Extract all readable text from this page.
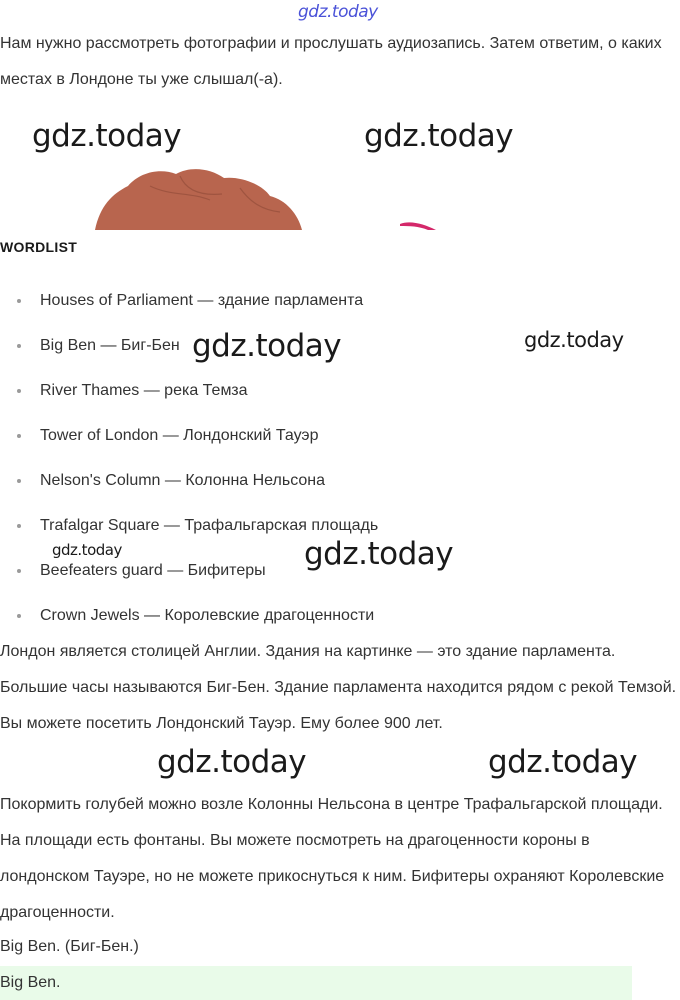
gdz.today

Нам нужно рассмотреть фотографии и прослушать аудиозапись. Затем ответим, о каких местах в Лондоне ты уже слышал(-а).

gdz.today	gdz.today
WORDLIST
Houses of Parliament — здание парламента
Big Ben — Биг-Бен
River Thames — река Темза
Tower of London — Лондонский Тауэр
Nelson's Column — Колонна Нельсона
Trafalgar Square — Трафальгарская площадь
Beefeaters guard — Бифитеры
Crown Jewels — Королевские драгоценности
gdz.today	gdz.today
gdz.today	gdz.today

Лондон является столицей Англии. Здания на картинке — это здание парламента. Большие часы называются Биг-Бен. Здание парламента находится рядом с рекой Темзой. Вы можете посетить Лондонский Тауэр. Ему более 900 лет.

gdz.today	gdz.today

Покормить голубей можно возле Колонны Нельсона в центре Трафальгарской площади. На площади есть фонтаны. Вы можете посмотреть на драгоценности короны в лондонском Тауэре, но не можете прикоснуться к ним. Бифитеры охраняют Королевские драгоценности.

Big Ben. (Биг-Бен.)
Big Ben.
